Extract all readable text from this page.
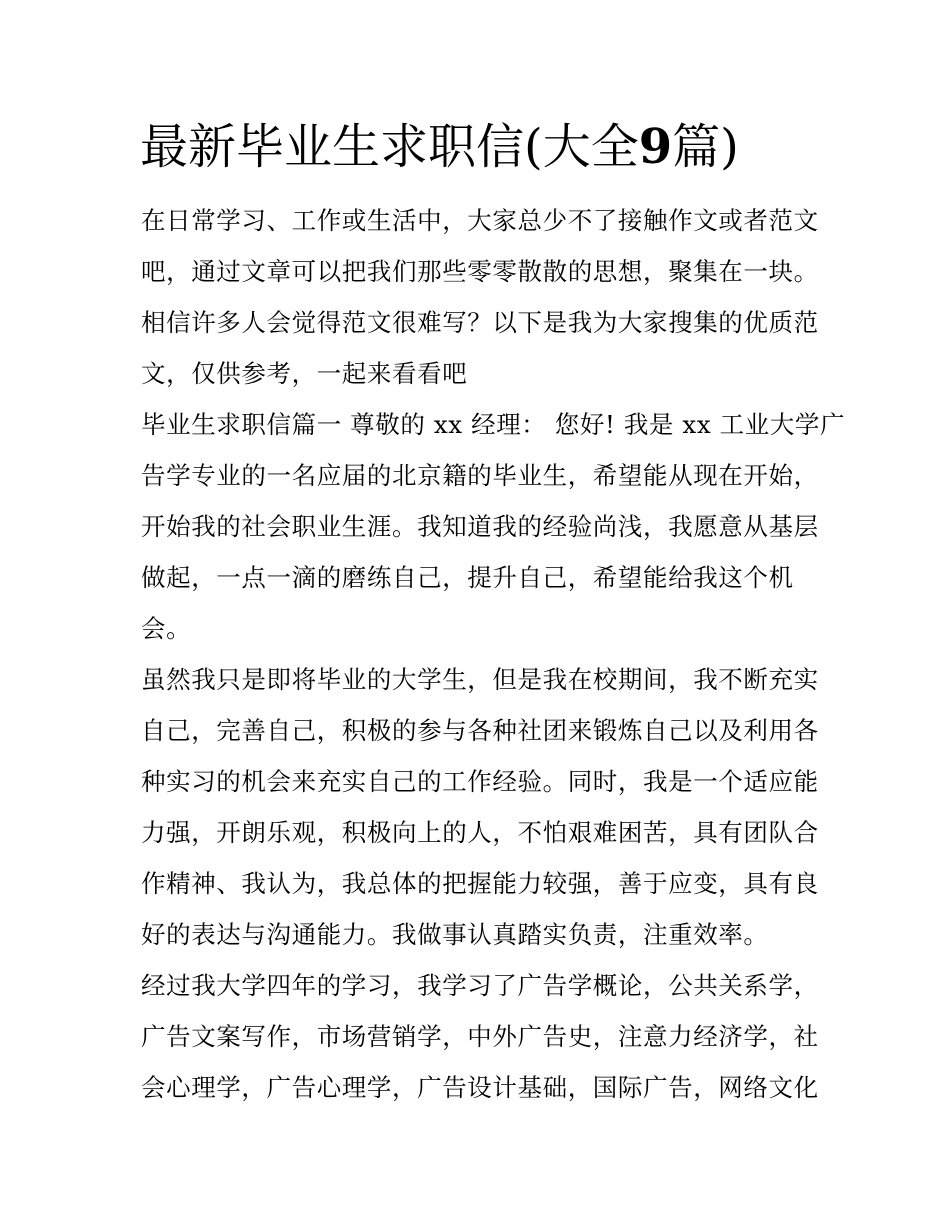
最新毕业生求职信(大全9篇)

在日常学习、工作或生活中，大家总少不了接触作文或者范文

吧，通过文章可以把我们那些零零散散的思想，聚集在一块。

相信许多人会觉得范文很难写？以下是我为大家搜集的优质范

文，仅供参考，一起来看看吧

毕业生求职信篇一 尊敬的 xx 经理： 您好! 我是 xx 工业大学广

告学专业的一名应届的北京籍的毕业生，希望能从现在开始，

开始我的社会职业生涯。我知道我的经验尚浅，我愿意从基层

做起，一点一滴的磨练自己，提升自己，希望能给我这个机

会。

虽然我只是即将毕业的大学生，但是我在校期间，我不断充实

自己，完善自己，积极的参与各种社团来锻炼自己以及利用各

种实习的机会来充实自己的工作经验。同时，我是一个适应能

力强，开朗乐观，积极向上的人，不怕艰难困苦，具有团队合

作精神、我认为，我总体的把握能力较强，善于应变，具有良

好的表达与沟通能力。我做事认真踏实负责，注重效率。

经过我大学四年的学习，我学习了广告学概论，公共关系学，

广告文案写作，市场营销学，中外广告史，注意力经济学，社

会心理学，广告心理学，广告设计基础，国际广告，网络文化
